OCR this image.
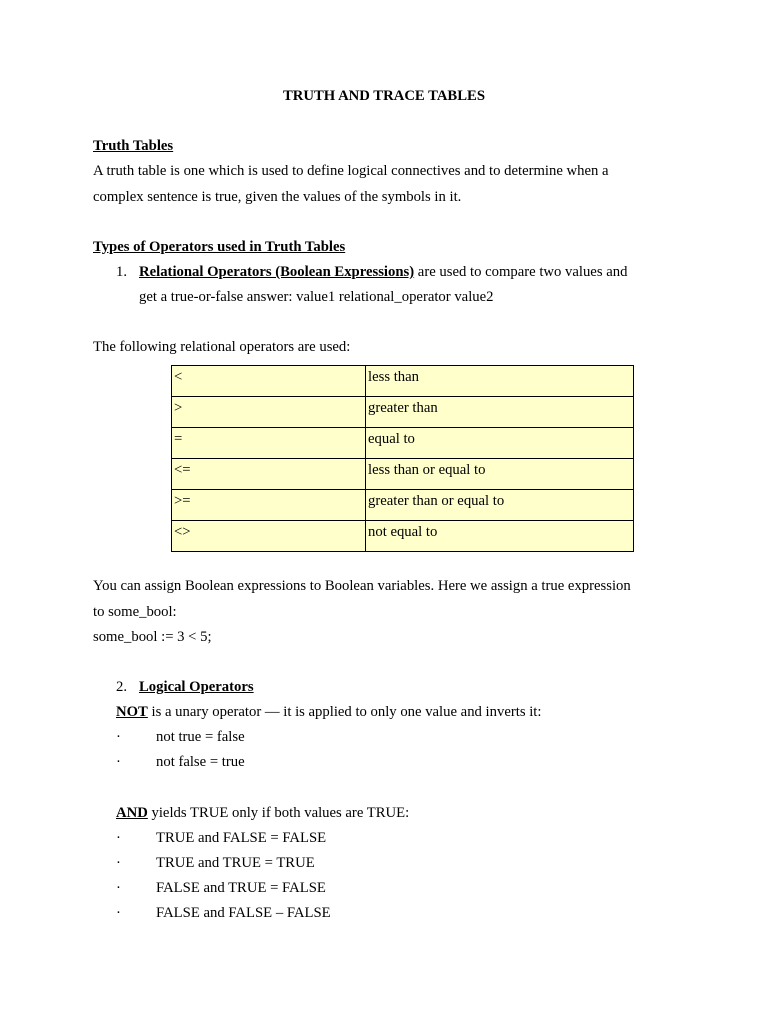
TRUTH AND TRACE TABLES
Truth Tables
A truth table is one which is used to define logical connectives and to determine when a
complex sentence is true, given the values of the symbols in it.
Types of Operators used in Truth Tables
1. Relational Operators (Boolean Expressions) are used to compare two values and
get a true-or-false answer: value1 relational_operator value2
The following relational operators are used:
<	less than
>	greater than
=	equal to
<=	less than or equal to
>=	greater than or equal to
<>	not equal to
You can assign Boolean expressions to Boolean variables. Here we assign a true expression
to some_bool:
some_bool := 3 < 5;
2. Logical Operators
NOT is a unary operator — it is applied to only one value and inverts it:
· not true = false
· not false = true
AND yields TRUE only if both values are TRUE:
· TRUE and FALSE = FALSE
· TRUE and TRUE = TRUE
· FALSE and TRUE = FALSE
· FALSE and FALSE – FALSE
